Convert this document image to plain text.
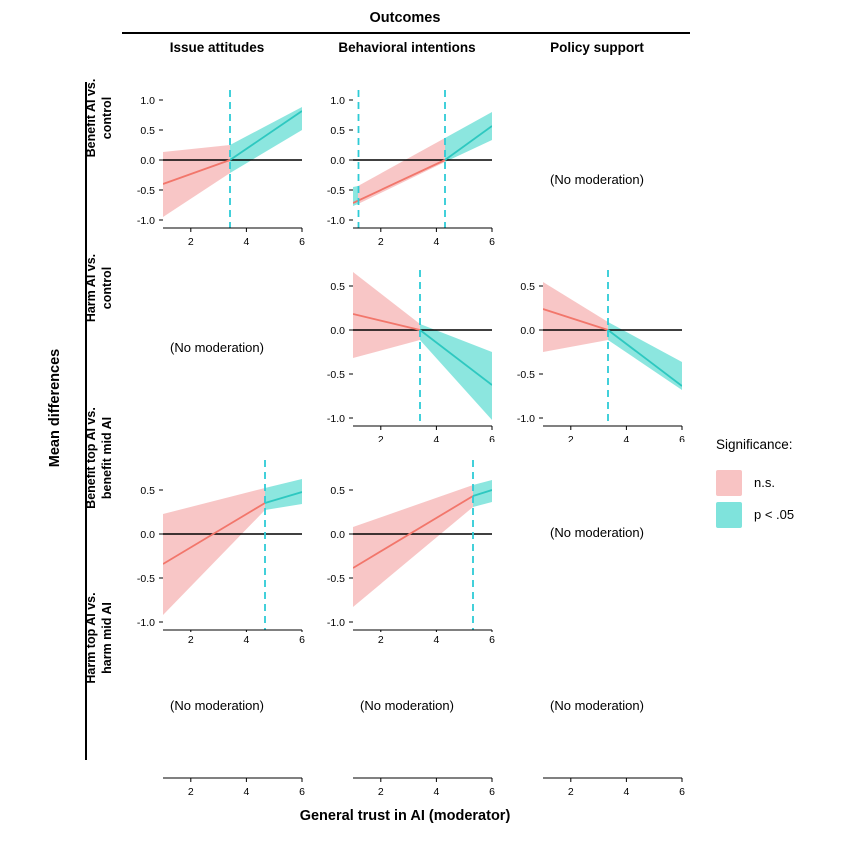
Outcomes
Issue attitudes	Behavioral intentions	Policy support
Mean differences
Benefit AI vs. control
Harm AI vs. control
Benefit top AI vs. benefit mid AI
Harm top AI vs. harm mid AI
1.0
0.5
0.0
-0.5
-1.0
2	4	6
1.0
0.5
0.0
-0.5
-1.0
2	4	6
(No moderation)
(No moderation)
0.5
0.0
-0.5
-1.0
2	4	6
0.5
0.0
-0.5
-1.0
2	4	6
0.5
0.0
-0.5
-1.0
2	4	6
0.5
0.0
-0.5
-1.0
2	4	6
(No moderation)
(No moderation)	(No moderation)	(No moderation)
2	4	6	2	4	6	2	4	6
General trust in AI (moderator)
Significance:
n.s.
p < .05
